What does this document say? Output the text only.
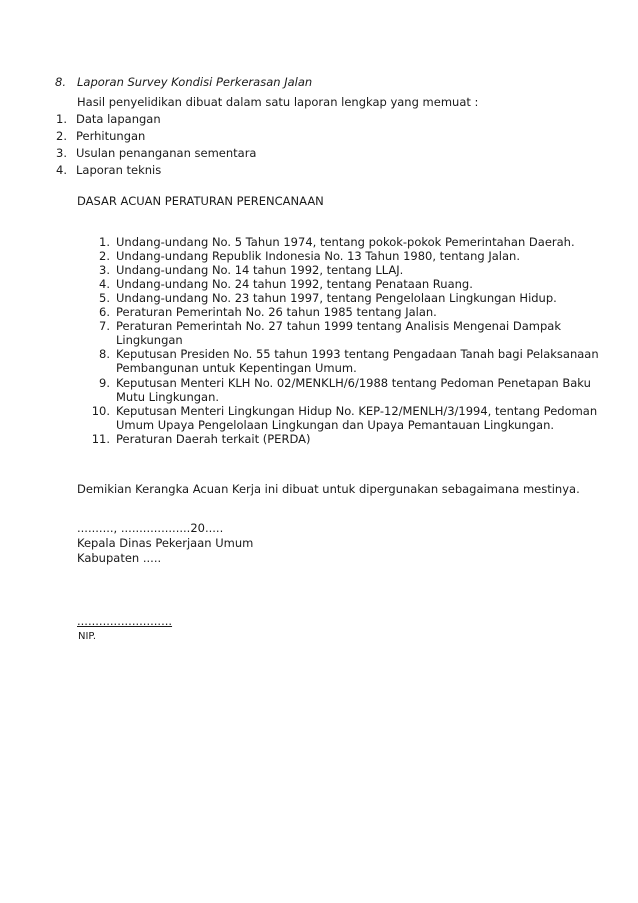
8. Laporan Survey Kondisi Perkerasan Jalan
Hasil penyelidikan dibuat dalam satu laporan lengkap yang memuat :
1. Data lapangan
2. Perhitungan
3. Usulan penanganan sementara
4. Laporan teknis
DASAR ACUAN PERATURAN PERENCANAAN
1. Undang-undang No. 5 Tahun 1974, tentang pokok-pokok Pemerintahan Daerah.
2. Undang-undang Republik Indonesia No. 13 Tahun 1980, tentang Jalan.
3. Undang-undang No. 14 tahun 1992, tentang LLAJ.
4. Undang-undang No. 24 tahun 1992, tentang Penataan Ruang.
5. Undang-undang No. 23 tahun 1997, tentang Pengelolaan Lingkungan Hidup.
6. Peraturan Pemerintah No. 26 tahun 1985 tentang Jalan.
7. Peraturan Pemerintah No. 27 tahun 1999 tentang Analisis Mengenai Dampak
Lingkungan
8. Keputusan Presiden No. 55 tahun 1993 tentang Pengadaan Tanah bagi Pelaksanaan
Pembangunan untuk Kepentingan Umum.
9. Keputusan Menteri KLH No. 02/MENKLH/6/1988 tentang Pedoman Penetapan Baku
Mutu Lingkungan.
10. Keputusan Menteri Lingkungan Hidup No. KEP-12/MENLH/3/1994, tentang Pedoman
Umum Upaya Pengelolaan Lingkungan dan Upaya Pemantauan Lingkungan.
11. Peraturan Daerah terkait (PERDA)
Demikian Kerangka Acuan Kerja ini dibuat untuk dipergunakan sebagaimana mestinya.
.........., ...................20.....
Kepala Dinas Pekerjaan Umum
Kabupaten .....
..........................
NIP.
